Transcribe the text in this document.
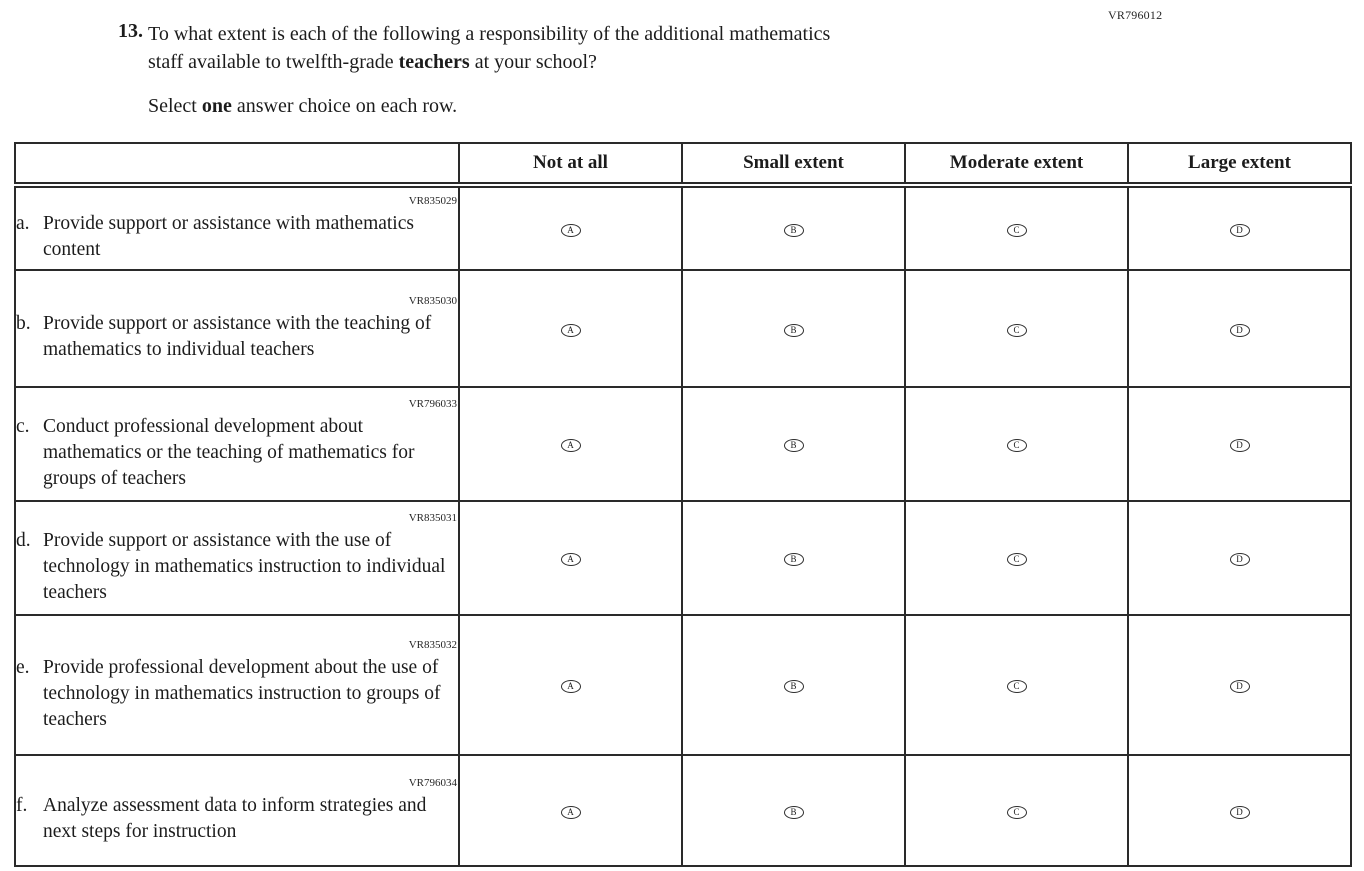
VR796012
13. To what extent is each of the following a responsibility of the additional mathematics
staff available to twelfth-grade teachers at your school?
Select one answer choice on each row.
	Not at all	Small extent	Moderate extent	Large extent

VR835029
a. Provide support or assistance with mathematics content	A	B	C	D

VR835030
b. Provide support or assistance with the teaching of mathematics to individual teachers	A	B	C	D

VR796033
c. Conduct professional development about mathematics or the teaching of mathematics for groups of teachers	A	B	C	D

VR835031
d. Provide support or assistance with the use of technology in mathematics instruction to individual teachers	A	B	C	D

VR835032
e. Provide professional development about the use of technology in mathematics instruction to groups of teachers	A	B	C	D

VR796034
f. Analyze assessment data to inform strategies and next steps for instruction	A	B	C	D
